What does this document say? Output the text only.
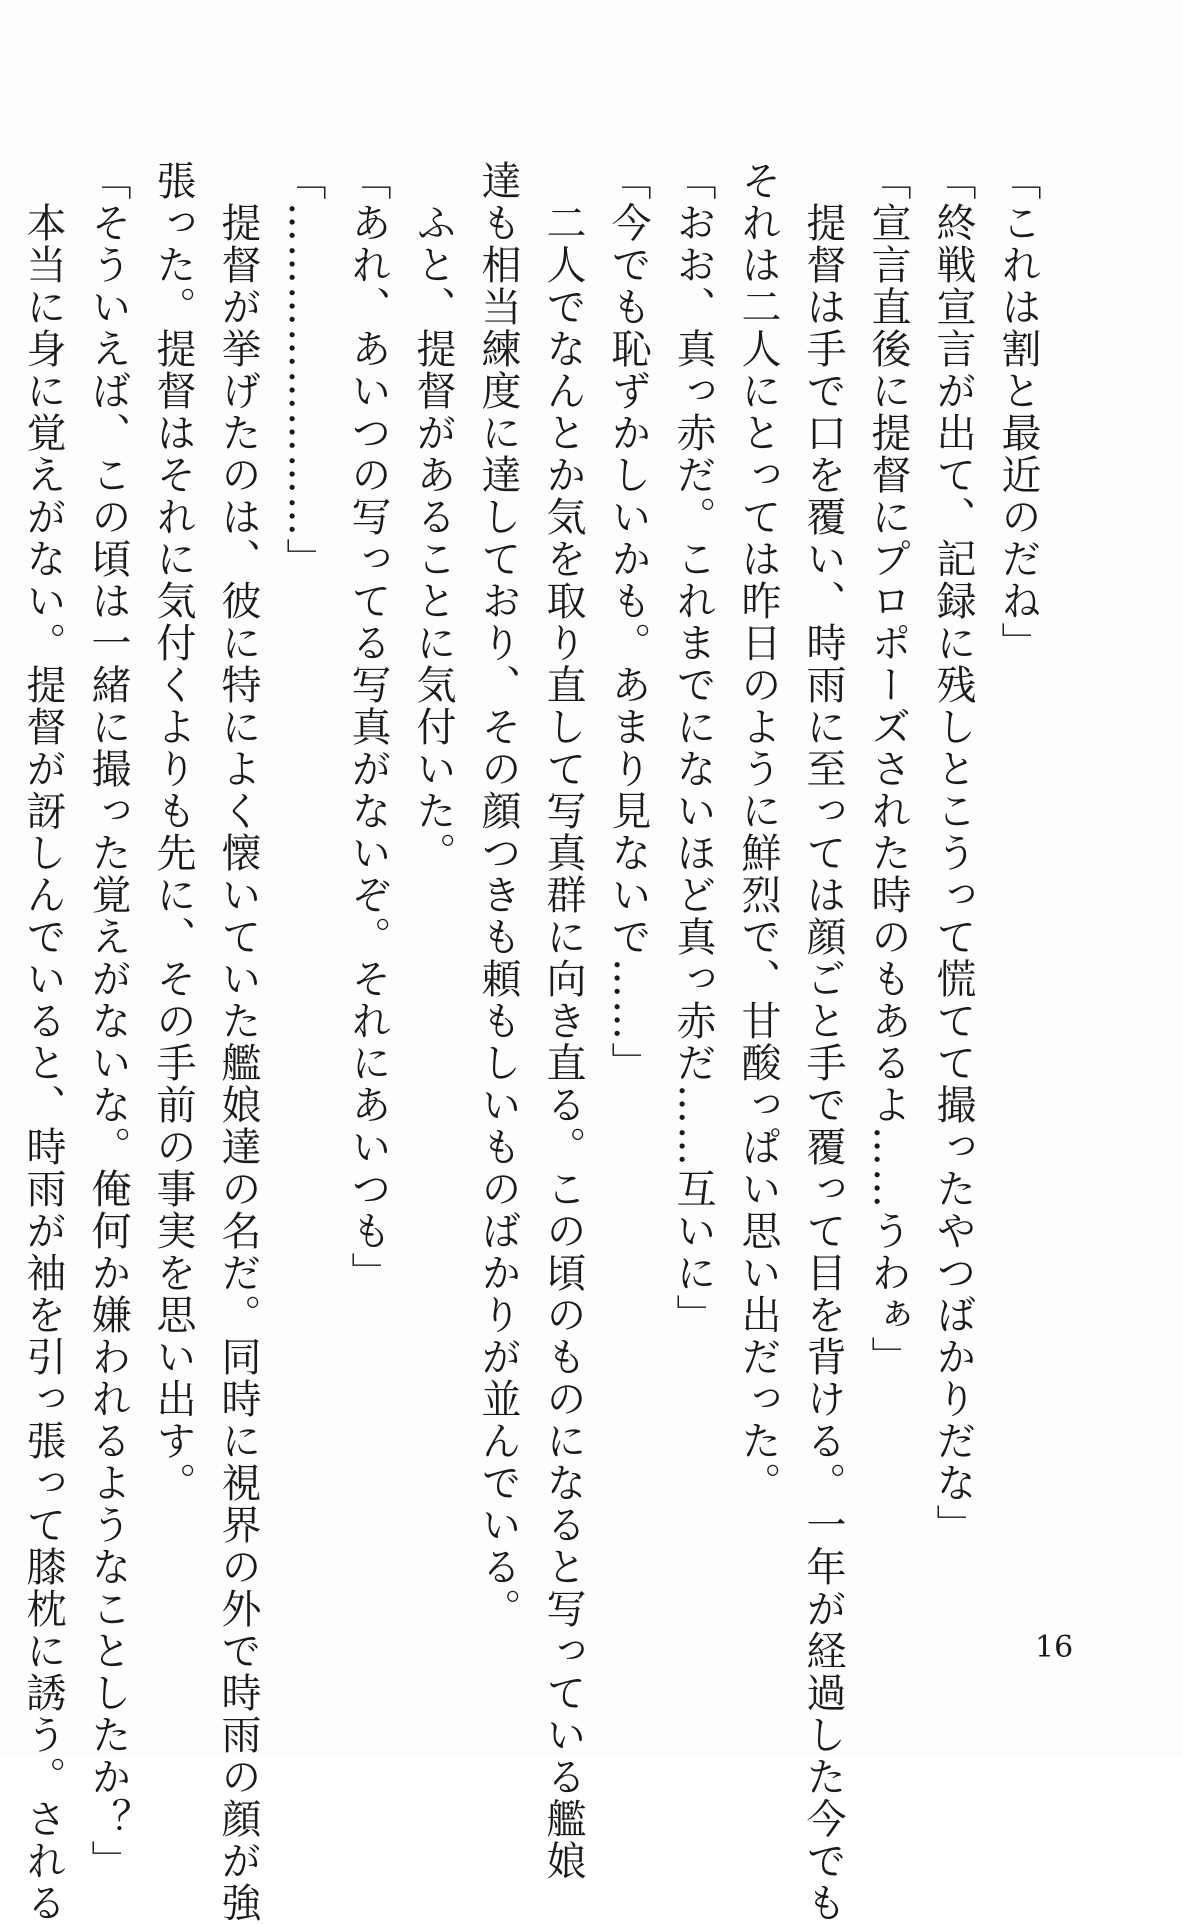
「これは割と最近のだね」
「終戦宣言が出て、記録に残しとこうって慌てて撮ったやつばかりだな」
「宣言直後に提督にプロポーズされた時のもあるよ……うわぁ」
　提督は手で口を覆い、時雨に至っては顔ごと手で覆って目を背ける。一年が経過した今でも
それは二人にとっては昨日のように鮮烈で、甘酸っぱい思い出だった。
「おお、真っ赤だ。これまでにないほど真っ赤だ……互いに」
「今でも恥ずかしいかも。あまり見ないで……」
　二人でなんとか気を取り直して写真群に向き直る。この頃のものになると写っている艦娘
達も相当練度に達しており、その顔つきも頼もしいものばかりが並んでいる。
　ふと、提督があることに気付いた。
「あれ、あいつの写ってる写真がないぞ。それにあいつも」
「……………………」
　提督が挙げたのは、彼に特によく懐いていた艦娘達の名だ。同時に視界の外で時雨の顔が強
張った。提督はそれに気付くよりも先に、その手前の事実を思い出す。
「そういえば、この頃は一緒に撮った覚えがないな。俺何か嫌われるようなことしたか？」
　本当に身に覚えがない。提督が訝しんでいると、時雨が袖を引っ張って膝枕に誘う。される	16
